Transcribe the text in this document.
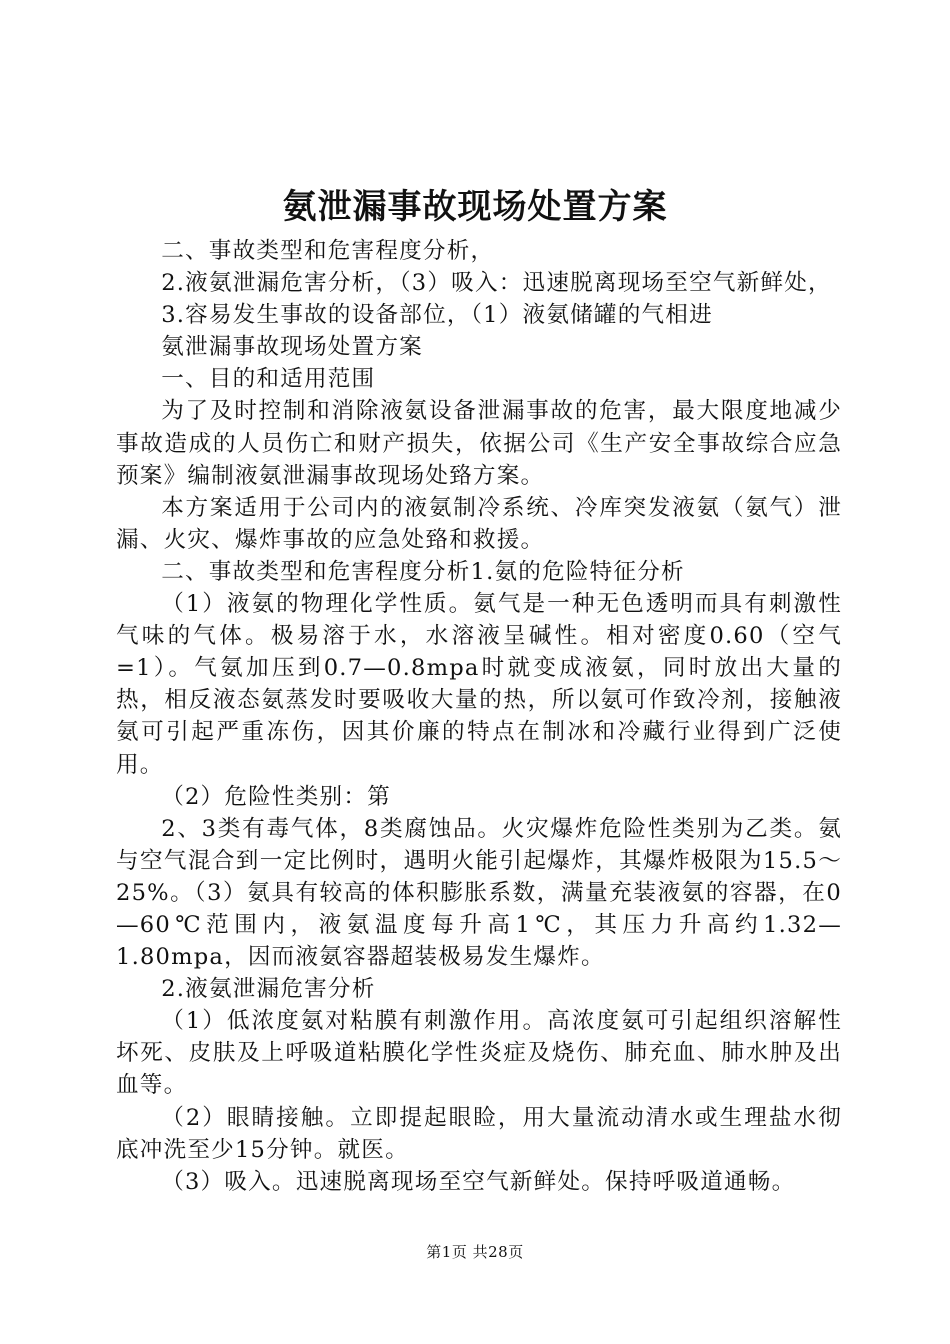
氨泄漏事故现场处置方案

二、事故类型和危害程度分析，

2.液氨泄漏危害分析，（3）吸入：迅速脱离现场至空气新鲜处，

3.容易发生事故的设备部位，（1）液氨储罐的气相进

氨泄漏事故现场处置方案

一、目的和适用范围

为了及时控制和消除液氨设备泄漏事故的危害，最大限度地减少事故造成的人员伤亡和财产损失，依据公司《生产安全事故综合应急预案》编制液氨泄漏事故现场处臵方案。

本方案适用于公司内的液氨制冷系统、冷库突发液氨（氨气）泄漏、火灾、爆炸事故的应急处臵和救援。

二、事故类型和危害程度分析1.氨的危险特征分析

（1）液氨的物理化学性质。氨气是一种无色透明而具有刺激性气味的气体。极易溶于水，水溶液呈碱性。相对密度0.60（空气=1）。气氨加压到0.7—0.8mpa时就变成液氨，同时放出大量的热，相反液态氨蒸发时要吸收大量的热，所以氨可作致冷剂，接触液氨可引起严重冻伤，因其价廉的特点在制冰和冷藏行业得到广泛使用。

（2）危险性类别：第

2、3类有毒气体，8类腐蚀品。火灾爆炸危险性类别为乙类。氨与空气混合到一定比例时，遇明火能引起爆炸，其爆炸极限为15.5～25%。（3）氨具有较高的体积膨胀系数，满量充装液氨的容器，在0—60℃范围内，液氨温度每升高1℃，其压力升高约1.32—1.80mpa，因而液氨容器超装极易发生爆炸。

2.液氨泄漏危害分析

（1）低浓度氨对粘膜有刺激作用。高浓度氨可引起组织溶解性坏死、皮肤及上呼吸道粘膜化学性炎症及烧伤、肺充血、肺水肿及出血等。

（2）眼睛接触。立即提起眼睑，用大量流动清水或生理盐水彻底冲洗至少15分钟。就医。

（3）吸入。迅速脱离现场至空气新鲜处。保持呼吸道通畅。

第1页 共28页
